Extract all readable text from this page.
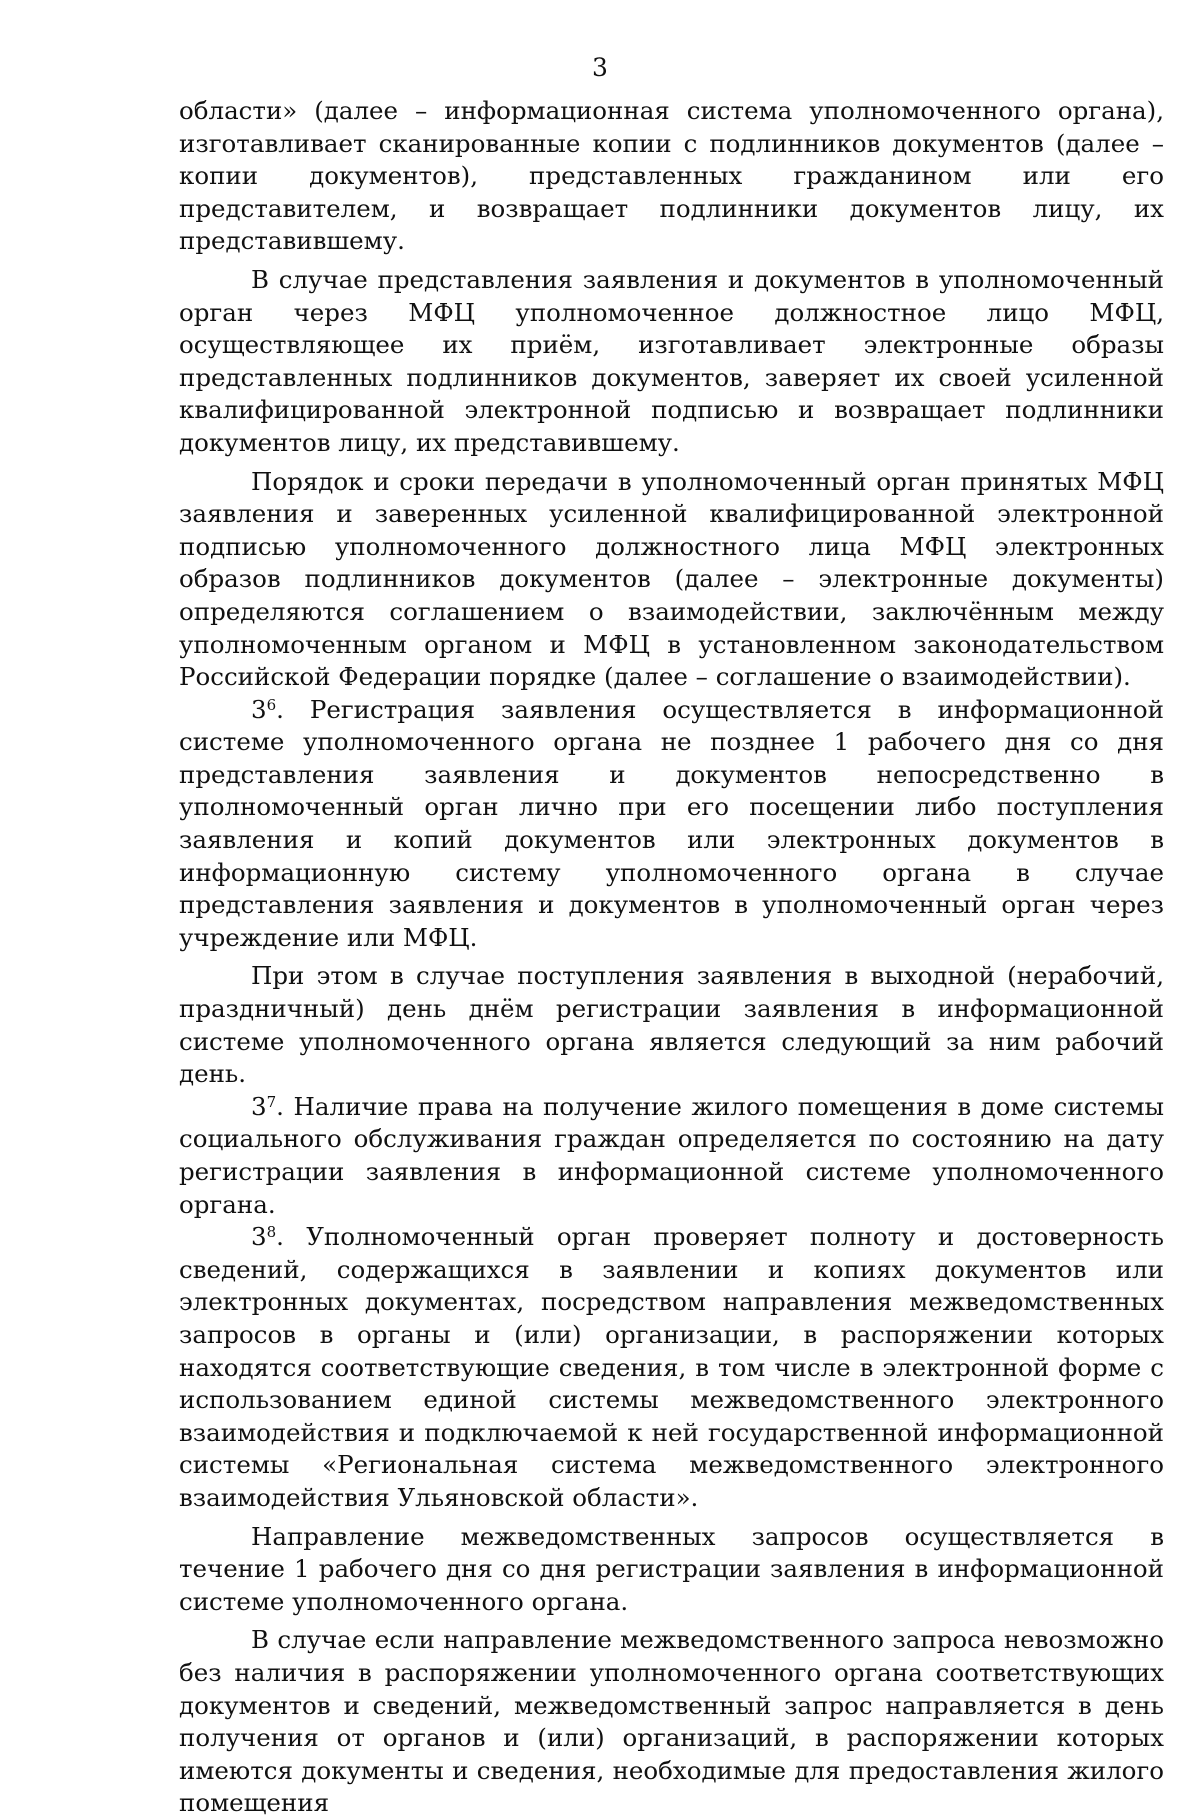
3

области» (далее – информационная система уполномоченного органа), изготавливает сканированные копии с подлинников документов (далее – копии документов), представленных гражданином или его представителем, и возвращает подлинники документов лицу, их представившему.

В случае представления заявления и документов в уполномоченный орган через МФЦ уполномоченное должностное лицо МФЦ, осуществляющее их приём, изготавливает электронные образы представленных подлинников документов, заверяет их своей усиленной квалифицированной электронной подписью и возвращает подлинники документов лицу, их представившему.

Порядок и сроки передачи в уполномоченный орган принятых МФЦ заявления и заверенных усиленной квалифицированной электронной подписью уполномоченного должностного лица МФЦ электронных образов подлинников документов (далее – электронные документы) определяются соглашением о взаимодействии, заключённым между уполномоченным органом и МФЦ в установленном законодательством Российской Федерации порядке (далее – соглашение о взаимодействии).

$3^6$. Регистрация заявления осуществляется в информационной системе уполномоченного органа не позднее 1 рабочего дня со дня представления заявления и документов непосредственно в уполномоченный орган лично при его посещении либо поступления заявления и копий документов или электронных документов в информационную систему уполномоченного органа в случае представления заявления и документов в уполномоченный орган через учреждение или МФЦ.

При этом в случае поступления заявления в выходной (нерабочий, праздничный) день днём регистрации заявления в информационной системе уполномоченного органа является следующий за ним рабочий день.

$3^7$. Наличие права на получение жилого помещения в доме системы социального обслуживания граждан определяется по состоянию на дату регистрации заявления в информационной системе уполномоченного органа.

$3^8$. Уполномоченный орган проверяет полноту и достоверность сведений, содержащихся в заявлении и копиях документов или электронных документах, посредством направления межведомственных запросов в органы и (или) организации, в распоряжении которых находятся соответствующие сведения, в том числе в электронной форме с использованием единой системы межведомственного электронного взаимодействия и подключаемой к ней государственной информационной системы «Региональная система межведомственного электронного взаимодействия Ульяновской области».

Направление межведомственных запросов осуществляется в течение 1 рабочего дня со дня регистрации заявления в информационной системе уполномоченного органа.

В случае если направление межведомственного запроса невозможно без наличия в распоряжении уполномоченного органа соответствующих документов и сведений, межведомственный запрос направляется в день получения от органов и (или) организаций, в распоряжении которых имеются документы и сведения, необходимые для предоставления жилого помещения
